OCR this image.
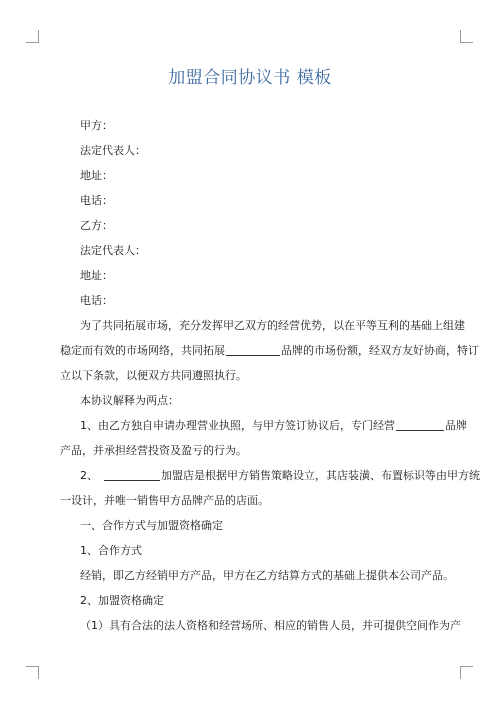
加盟合同协议书 模板
甲方：
法定代表人：
地址：
电话：
乙方：
法定代表人：
地址：
电话：
为了共同拓展市场，充分发挥甲乙双方的经营优势，以在平等互利的基础上组建
稳定而有效的市场网络，共同拓展	品牌的市场份额，经双方友好协商，特订
立以下条款，以便双方共同遵照执行。
本协议解释为两点：
1、由乙方独自申请办理营业执照，与甲方签订协议后，专门经营	品牌
产品，并承担经营投资及盈亏的行为。
2、	加盟店是根据甲方销售策略设立，其店装潢、布置标识等由甲方统
一设计，并唯一销售甲方品牌产品的店面。
一、合作方式与加盟资格确定
1、合作方式
经销，即乙方经销甲方产品，甲方在乙方结算方式的基础上提供本公司产品。
2、加盟资格确定
（1）具有合法的法人资格和经营场所、相应的销售人员，并可提供空间作为产
